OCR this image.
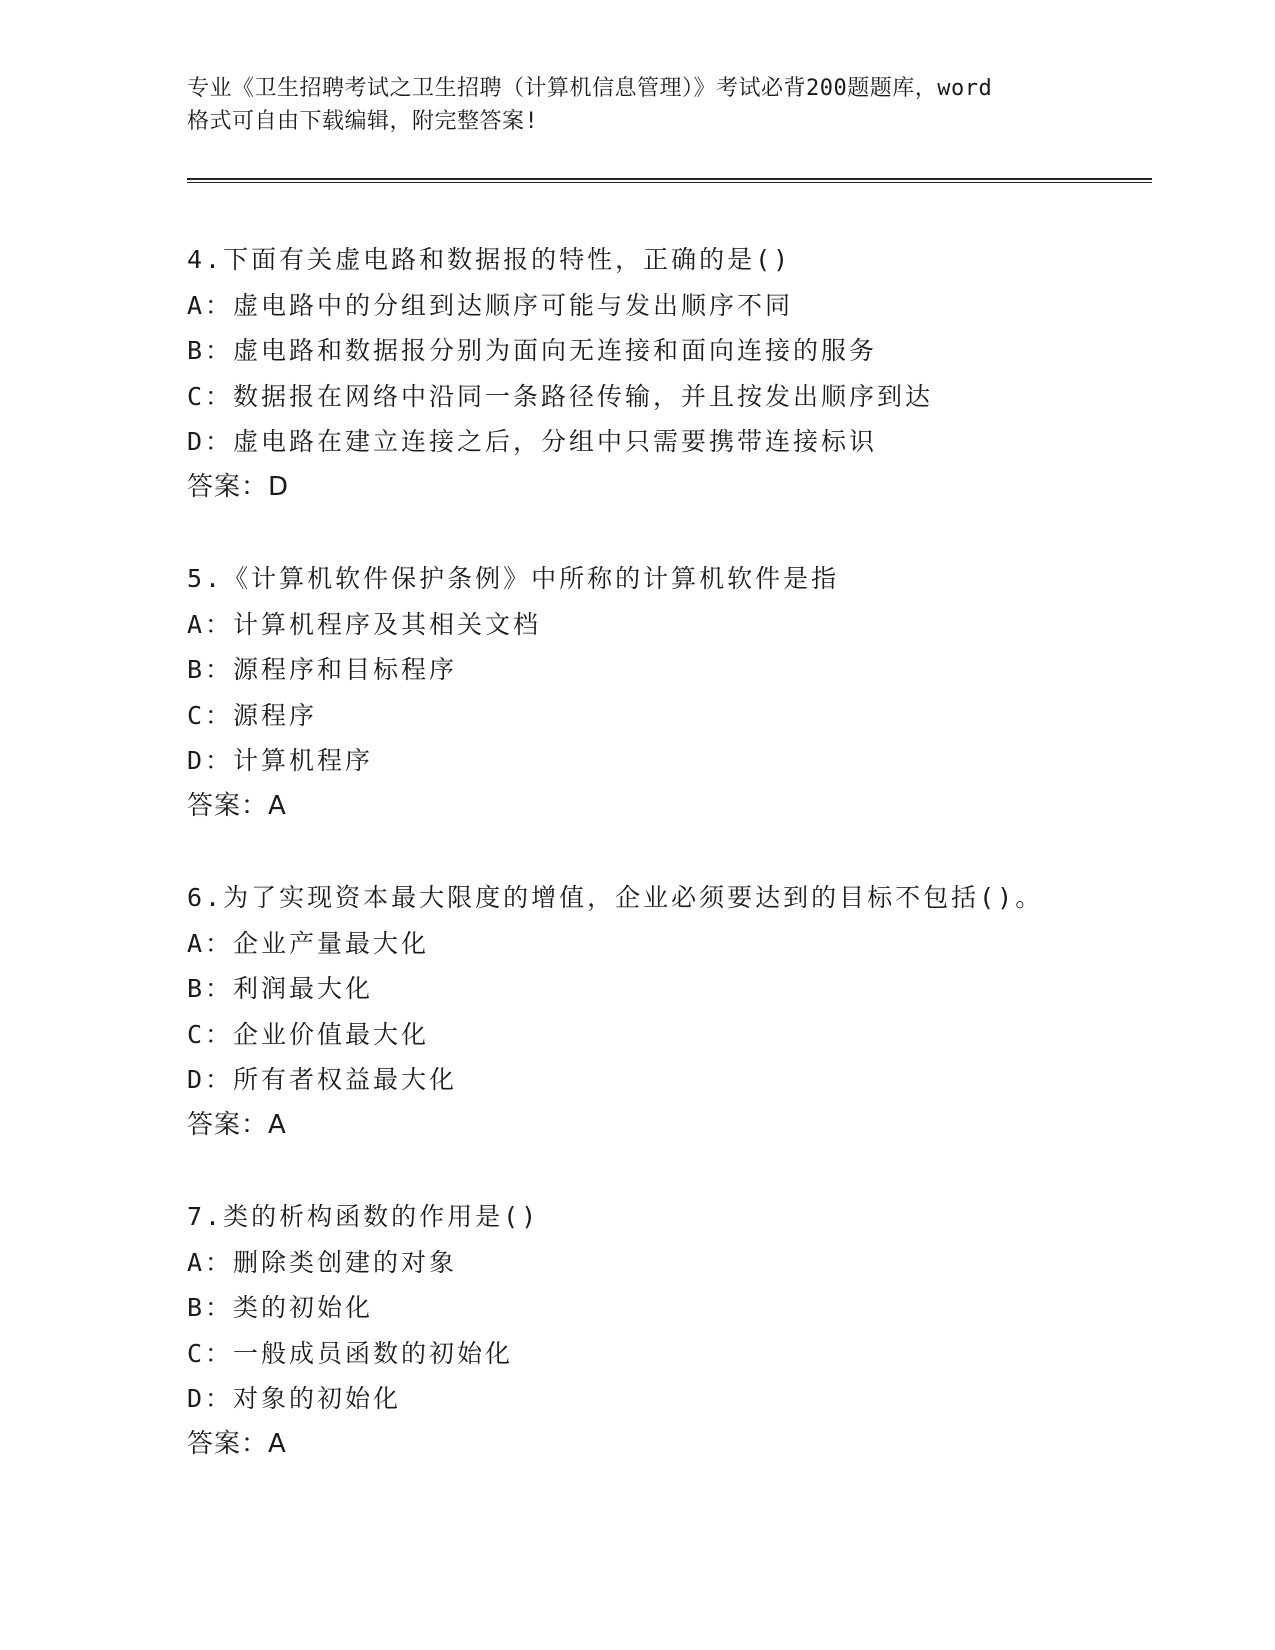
专业《卫生招聘考试之卫生招聘（计算机信息管理）》考试必背200题题库，word
格式可自由下载编辑，附完整答案!
4.下面有关虚电路和数据报的特性，正确的是()
A：虚电路中的分组到达顺序可能与发出顺序不同
B：虚电路和数据报分别为面向无连接和面向连接的服务
C：数据报在网络中沿同一条路径传输，并且按发出顺序到达
D：虚电路在建立连接之后，分组中只需要携带连接标识
答案：D
5.《计算机软件保护条例》中所称的计算机软件是指
A：计算机程序及其相关文档
B：源程序和目标程序
C：源程序
D：计算机程序
答案：A
6.为了实现资本最大限度的增值，企业必须要达到的目标不包括()。
A：企业产量最大化
B：利润最大化
C：企业价值最大化
D：所有者权益最大化
答案：A
7.类的析构函数的作用是()
A：删除类创建的对象
B：类的初始化
C：一般成员函数的初始化
D：对象的初始化
答案：A
